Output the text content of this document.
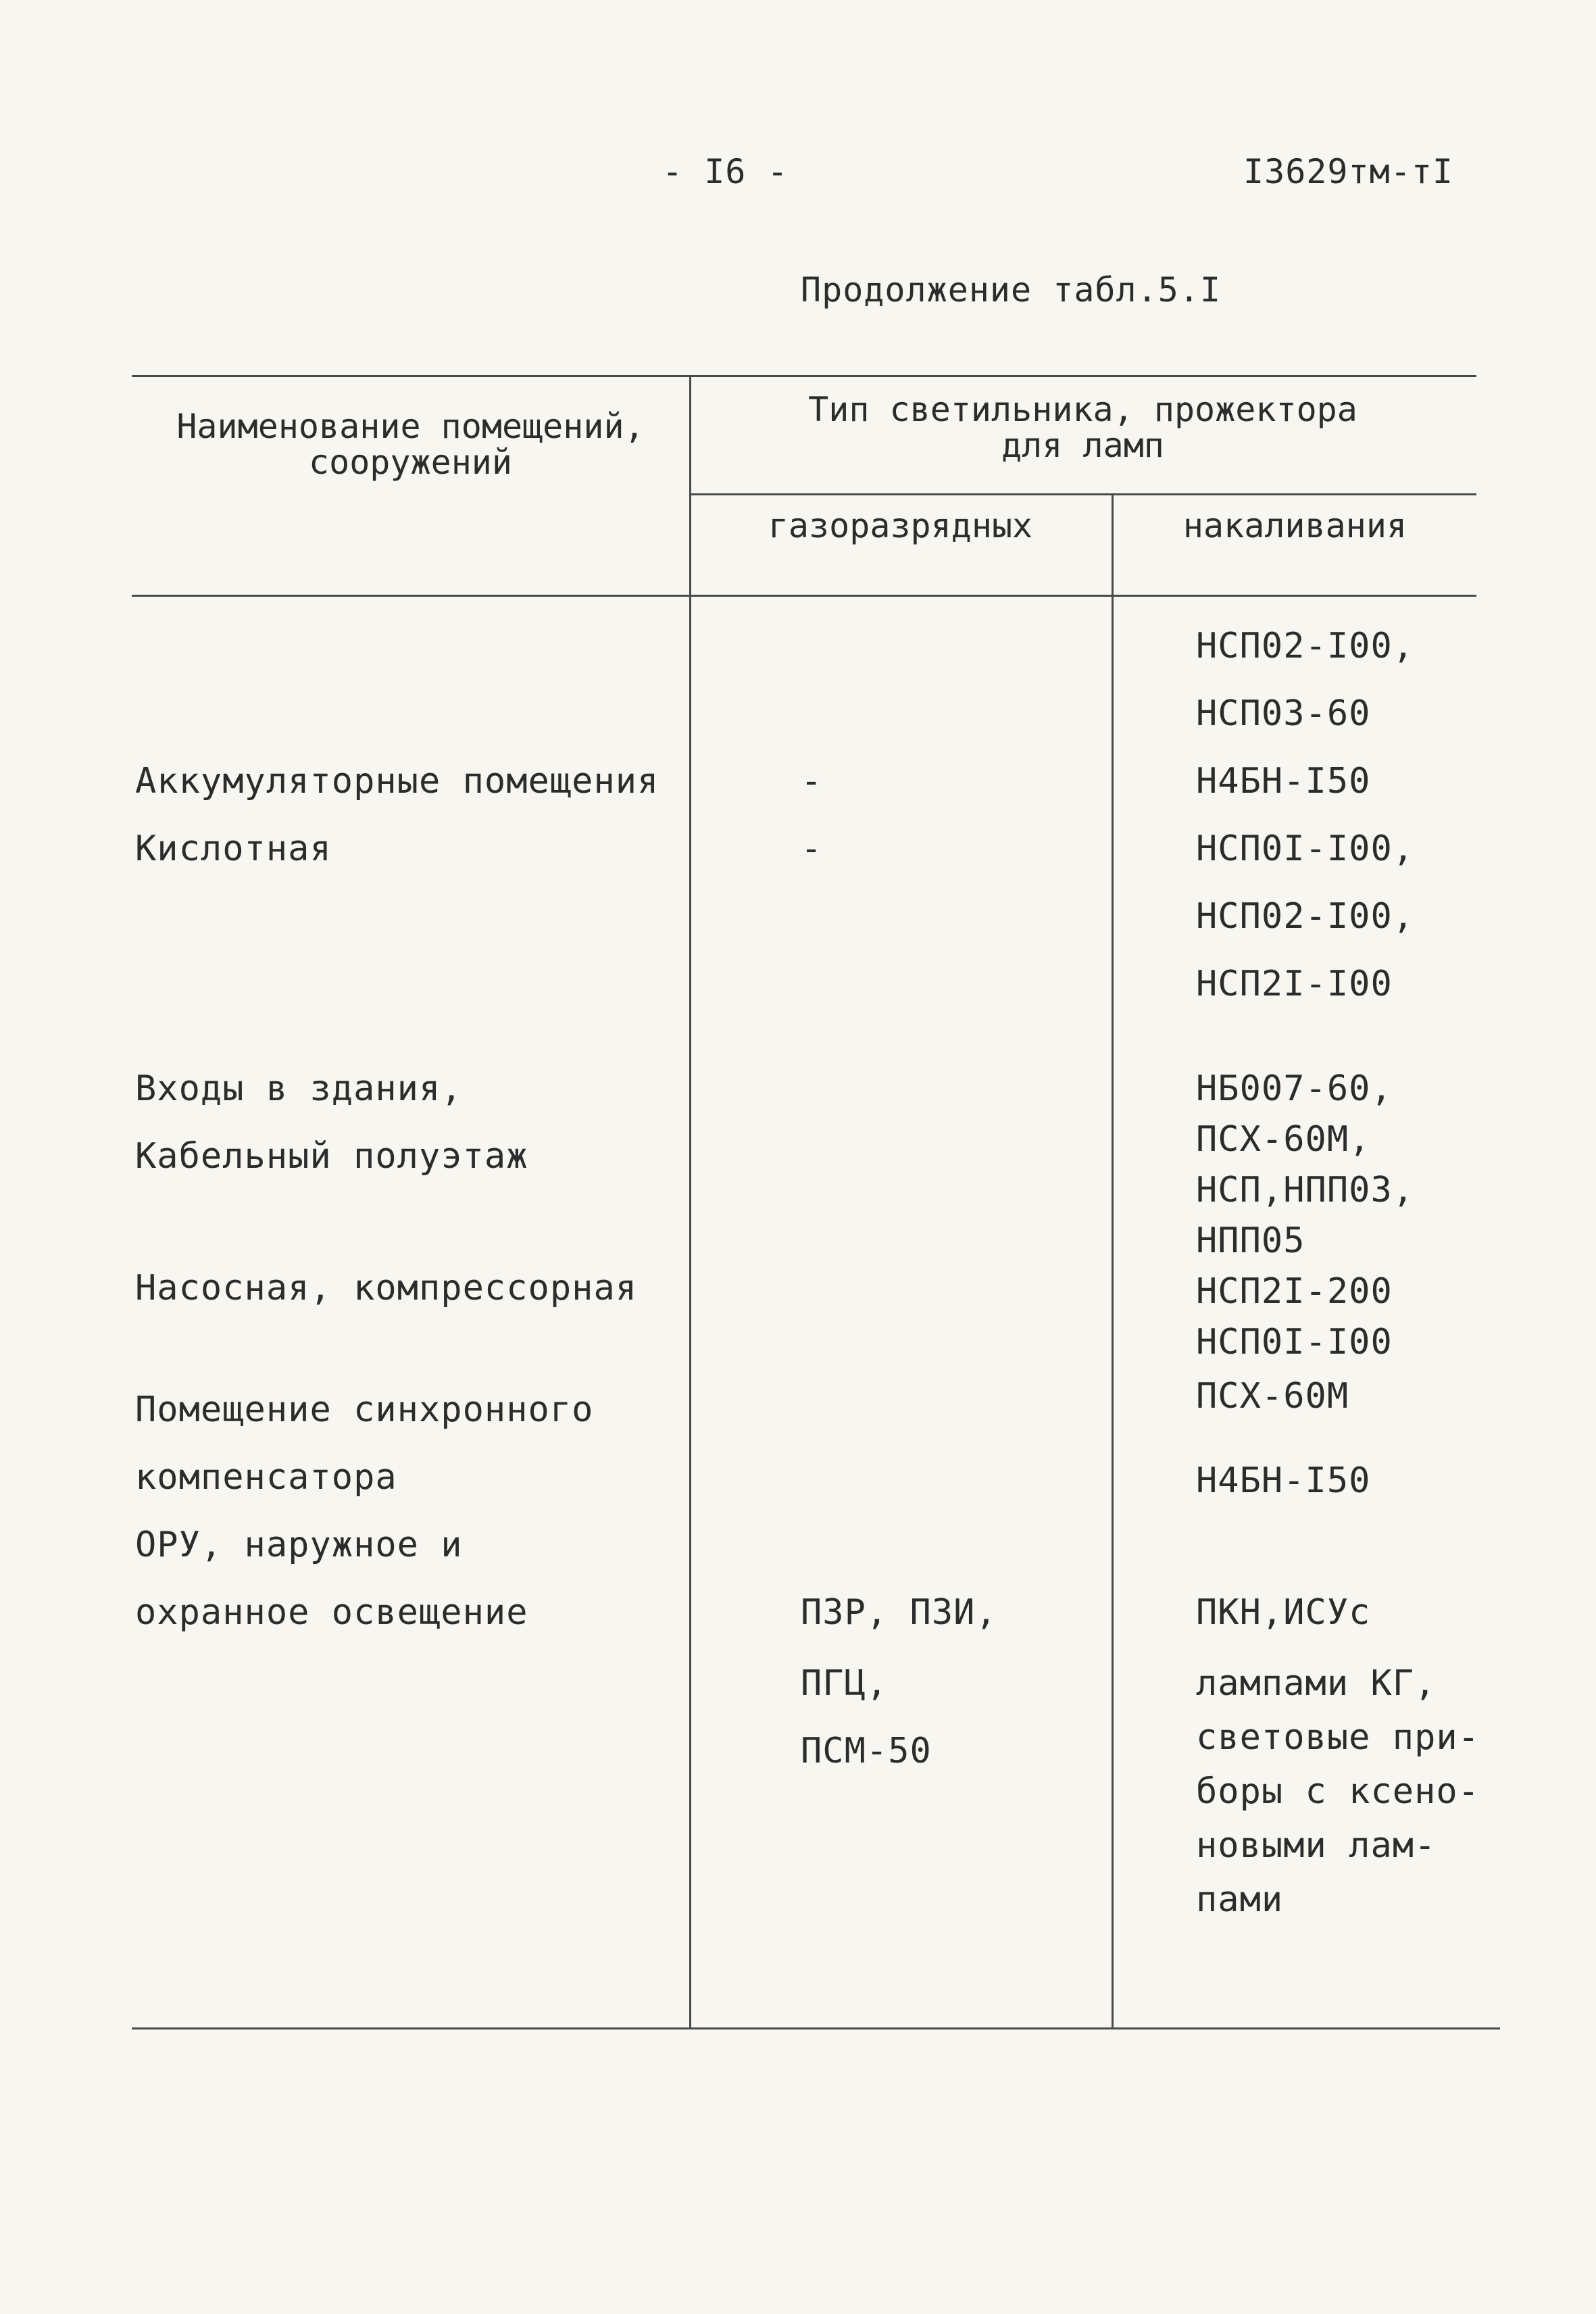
- I6 -	I3629тм-тI
Продолжение табл.5.I
Наименование помещений,
сооружений
Тип светильника, прожектора
для ламп
газоразрядных	накаливания
Аккумуляторные помещения
Кислотная
Входы в здания,
Кабельный полуэтаж
Насосная, компрессорная
Помещение синхронного
компенсатора
ОРУ, наружное и
охранное освещение
-
-
ПЗР, ПЗИ,
ПГЦ,
ПСМ-50
НСП02-I00,
НСП03-60
Н4БН-I50
НСП0I-I00,
НСП02-I00,
НСП2I-I00
НБ007-60,
ПСХ-60М,
НСП,НПП03,
НПП05
НСП2I-200
НСП0I-I00
ПСХ-60М
Н4БН-I50
ПКН,ИСУс
лампами КГ,
световые при-
боры с ксено-
новыми лам-
пами
